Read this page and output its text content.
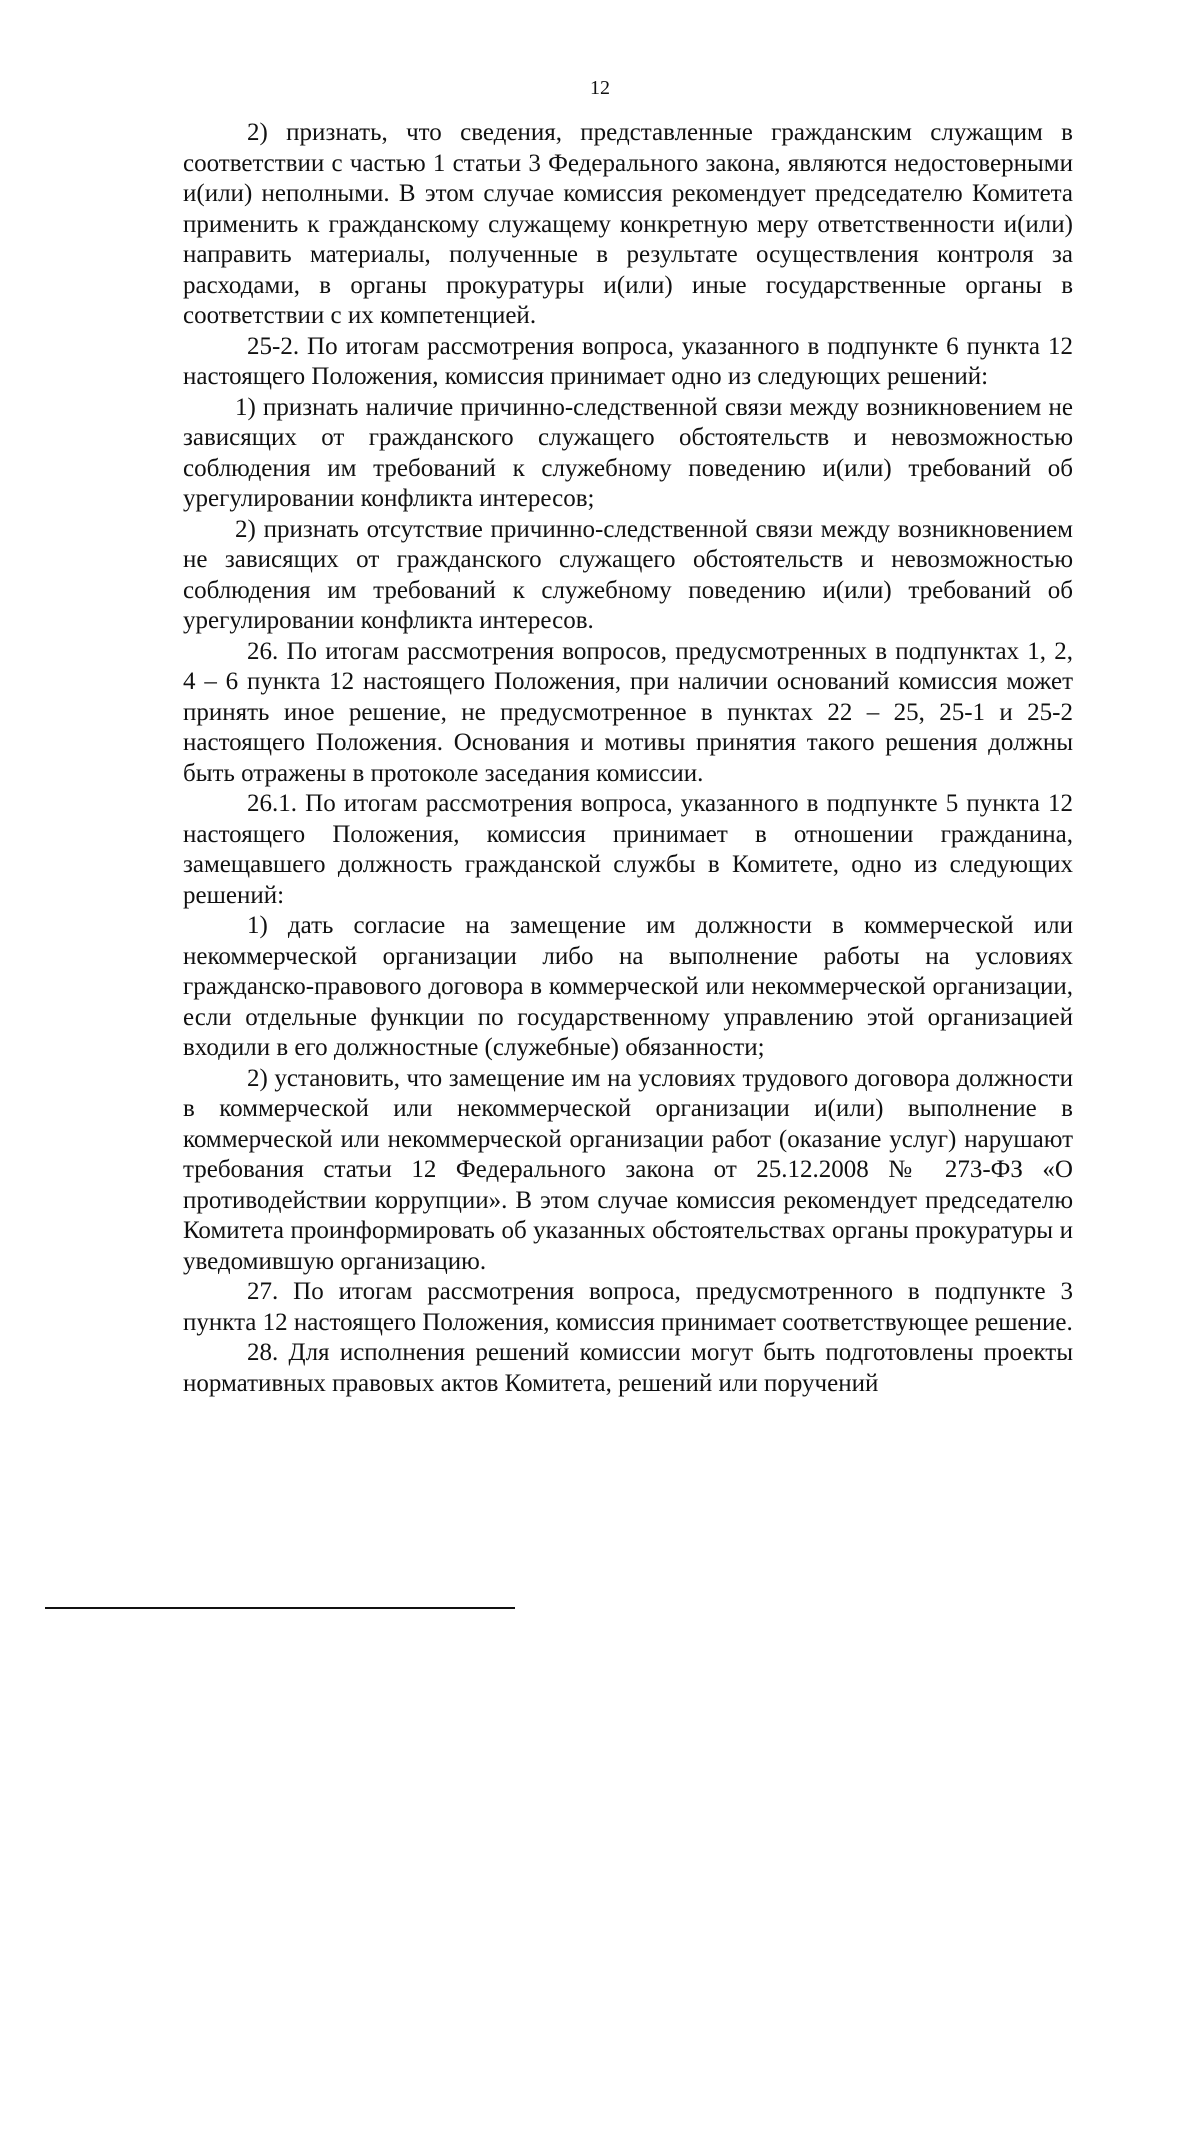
12

2) признать, что сведения, представленные гражданским служащим в соответствии с частью 1 статьи 3 Федерального закона, являются недостоверными и(или) неполными. В этом случае комиссия рекомендует председателю Комитета применить к гражданскому служащему конкретную меру ответственности и(или) направить материалы, полученные в результате осуществления контроля за расходами, в органы прокуратуры и(или) иные государственные органы в соответствии с их компетенцией.

25-2. По итогам рассмотрения вопроса, указанного в подпункте 6 пункта 12 настоящего Положения, комиссия принимает одно из следующих решений:

1) признать наличие причинно-следственной связи между возникновением не зависящих от гражданского служащего обстоятельств и невозможностью соблюдения им требований к служебному поведению и(или) требований об урегулировании конфликта интересов;

2) признать отсутствие причинно-следственной связи между возникновением не зависящих от гражданского служащего обстоятельств и невозможностью соблюдения им требований к служебному поведению и(или) требований об урегулировании конфликта интересов.

26. По итогам рассмотрения вопросов, предусмотренных в подпунктах 1, 2, 4 – 6 пункта 12 настоящего Положения, при наличии оснований комиссия может принять иное решение, не предусмотренное в пунктах 22 – 25, 25-1 и 25-2 настоящего Положения. Основания и мотивы принятия такого решения должны быть отражены в протоколе заседания комиссии.

26.1. По итогам рассмотрения вопроса, указанного в подпункте 5 пункта 12 настоящего Положения, комиссия принимает в отношении гражданина, замещавшего должность гражданской службы в Комитете, одно из следующих решений:

1) дать согласие на замещение им должности в коммерческой или некоммерческой организации либо на выполнение работы на условиях гражданско-правового договора в коммерческой или некоммерческой организации, если отдельные функции по государственному управлению этой организацией входили в его должностные (служебные) обязанности;

2) установить, что замещение им на условиях трудового договора должности в коммерческой или некоммерческой организации и(или) выполнение в коммерческой или некоммерческой организации работ (оказание услуг) нарушают требования статьи 12 Федерального закона от 25.12.2008 № 273-ФЗ «О противодействии коррупции». В этом случае комиссия рекомендует председателю Комитета проинформировать об указанных обстоятельствах органы прокуратуры и уведомившую организацию.

27. По итогам рассмотрения вопроса, предусмотренного в подпункте 3 пункта 12 настоящего Положения, комиссия принимает соответствующее решение.

28. Для исполнения решений комиссии могут быть подготовлены проекты нормативных правовых актов Комитета, решений или поручений
